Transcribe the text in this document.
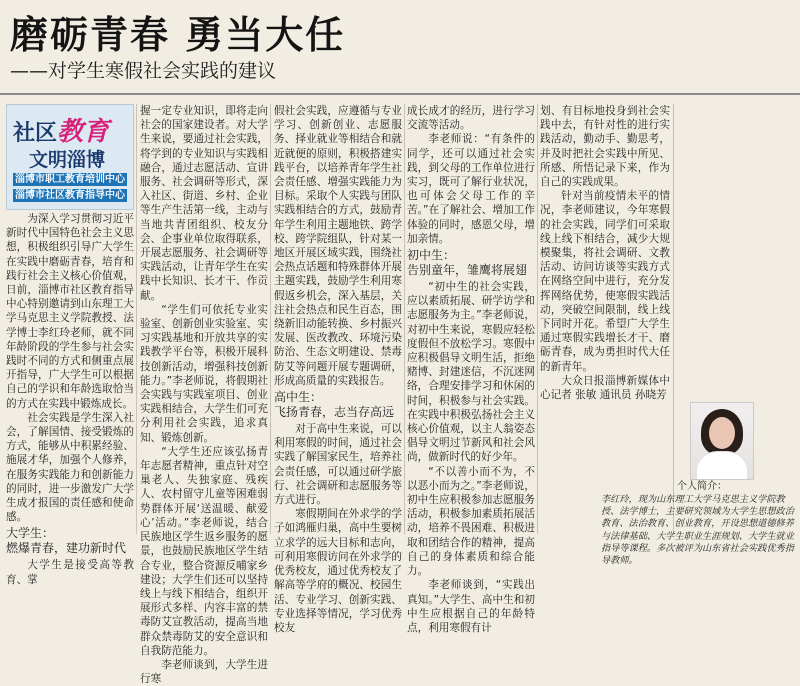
磨砺青春 勇当大任
——对学生寒假社会实践的建议
社区教育
文明淄博
淄博市职工教育培训中心
淄博市社区教育指导中心

为深入学习贯彻习近平新时代中国特色社会主义思想，积极组织引导广大学生在实践中磨砺青春，培育和践行社会主义核心价值观，日前，淄博市社区教育指导中心特别邀请到山东理工大学马克思主义学院教授、法学博士李红玲老师，就不同年龄阶段的学生参与社会实践时不同的方式和侧重点展开指导，广大学生可以根据自己的学识和年龄选取恰当的方式在实践中锻炼成长。

社会实践是学生深入社会，了解国情、接受锻炼的方式，能够从中积累经验、施展才华，加强个人修养，在服务实践能力和创新能力的同时，进一步激发广大学生成才报国的责任感和使命感。

大学生：
燃爆青春，建功新时代

大学生是接受高等教育、掌

握一定专业知识，即将走向社会的国家建设者。对大学生来说，要通过社会实践，将学到的专业知识与实践相融合，通过志愿活动、宣讲服务、社会调研等形式，深入社区、街道、乡村、企业等生产生活第一线，主动与当地共青团组织、校友分会、企事业单位取得联系，开展志愿服务、社会调研等实践活动，让青年学生在实践中长知识、长才干、作贡献。

“学生们可依托专业实验室、创新创业实验室、实习实践基地和开放共享的实践教学平台等，积极开展科技创新活动，增强科技创新能力。”李老师说，将假期社会实践与实践室项目、创业实践相结合，大学生们可充分利用社会实践，追求真知、锻炼创新。

“大学生还应该弘扬青年志愿者精神，重点针对空巢老人、失独家庭、残疾人、农村留守儿童等困难弱势群体开展‘送温暖、献爱心’活动。”李老师说，结合民族地区学生返乡服务的愿景，也鼓励民族地区学生结合专业，整合资源反哺家乡建设；大学生们还可以坚持线上与线下相结合，组织开展形式多样、内容丰富的禁毒防艾宣教活动，提高当地群众禁毒防艾的安全意识和自我防范能力。

李老师谈到，大学生进行寒

假社会实践，应遵循与专业学习、创新创业、志愿服务、择业就业等相结合和就近就便的原则，积极搭建实践平台，以培养青年学生社会责任感、增强实践能力为目标。采取个人实践与团队实践相结合的方式，鼓励青年学生利用主题地铁、跨学校、跨学院组队，针对某一地区开展区域实践，围绕社会热点话题和特殊群体开展主题实践，鼓励学生利用寒假返乡机会，深入基层，关注社会热点和民生百态，围绕新旧动能转换、乡村振兴发展、医改教改、环境污染防治、生态文明建设、禁毒防艾等问题开展专题调研，形成高质量的实践报告。

高中生：
飞扬青春，志当存高远

对于高中生来说，可以利用寒假的时间，通过社会实践了解国家民生，培养社会责任感，可以通过研学旅行、社会调研和志愿服务等方式进行。

寒假期间在外求学的学子如鸿雁归巢，高中生要树立求学的远大目标和志向，可利用寒假访问在外求学的优秀校友，通过优秀校友了解高等学府的概况、校园生活、专业学习、创新实践、专业选择等情况，学习优秀校友

成长成才的经历，进行学习交流等活动。

李老师说：“有条件的同学，还可以通过社会实践，到父母的工作单位进行实习，既可了解行业状况，也可体会父母工作的辛苦。”在了解社会、增加工作体验的同时，感恩父母，增加亲情。

初中生：
告别童年，雏鹰将展翅

“初中生的社会实践，应以素质拓展、研学访学和志愿服务为主。”李老师说，对初中生来说，寒假应轻松度假但不放松学习。寒假中应积极倡导文明生活，拒绝赌博、封建迷信，不沉迷网络，合理安排学习和休闲的时间，积极参与社会实践。在实践中积极弘扬社会主义核心价值观，以主人翁姿态倡导文明过节新风和社会风尚，做新时代的好少年。

“不以善小而不为，不以恶小而为之。”李老师说，初中生应积极参加志愿服务活动，积极参加素质拓展活动，培养不畏困难、积极进取和团结合作的精神，提高自己的身体素质和综合能力。

李老师谈到，“实践出真知。”大学生、高中生和初中生应根据自己的年龄特点，利用寒假有计

划、有目标地投身到社会实践中去，有针对性的进行实践活动，勤动手、勤思考，并及时把社会实践中所见、所感、所悟记录下来，作为自己的实践成果。

针对当前疫情未平的情况，李老师建议，今年寒假的社会实践，同学们可采取线上线下相结合，减少大规模聚集，将社会调研、文教活动、访问访谈等实践方式在网络空间中进行，充分发挥网络优势，使寒假实践活动，突破空间限制，线上线下同时开花。希望广大学生通过寒假实践增长才干、磨砺青春，成为勇担时代大任的新青年。

大众日报淄博新媒体中心记者 张敏 通讯员 孙晓芳

个人简介：
李红玲，现为山东理工大学马克思主义学院教授、法学博士，主要研究领域为大学生思想政治教育、法治教育、创业教育，开设思想道德修养与法律基础、大学生职业生涯规划、大学生就业指导等课程。多次被评为山东省社会实践优秀指导教师。
